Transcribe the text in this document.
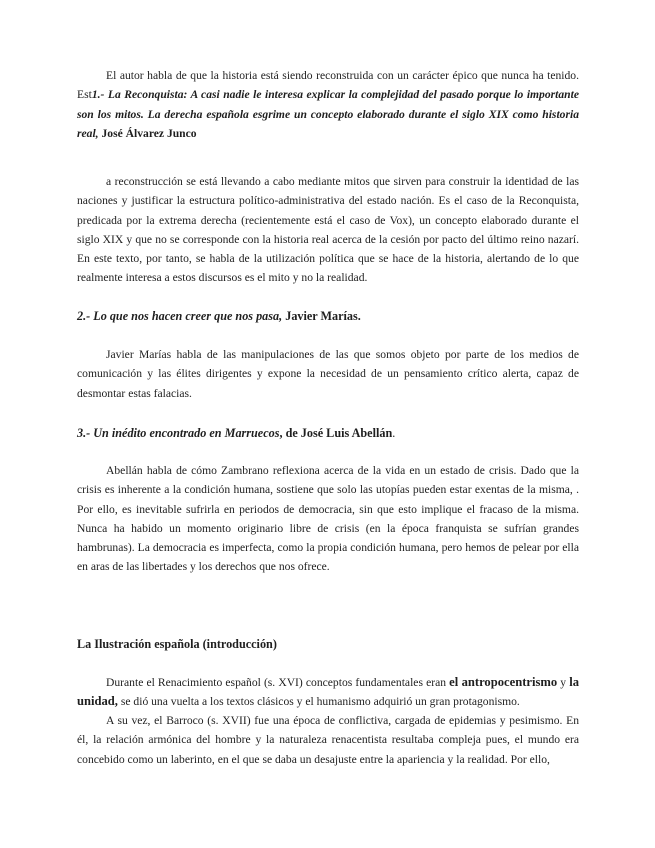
El autor habla de que la historia está siendo reconstruida con un carácter épico que nunca ha tenido. Est1.- La Reconquista: A casi nadie le interesa explicar la complejidad del pasado porque lo importante son los mitos. La derecha española esgrime un concepto elaborado durante el siglo XIX como historia real, José Álvarez Junco

a reconstrucción se está llevando a cabo mediante mitos que sirven para construir la identidad de las naciones y justificar la estructura político-administrativa del estado nación. Es el caso de la Reconquista, predicada por la extrema derecha (recientemente está el caso de Vox), un concepto elaborado durante el siglo XIX y que no se corresponde con la historia real acerca de la cesión por pacto del último reino nazarí. En este texto, por tanto, se habla de la utilización política que se hace de la historia, alertando de lo que realmente interesa a estos discursos es el mito y no la realidad.

2.- Lo que nos hacen creer que nos pasa, Javier Marías.

Javier Marías habla de las manipulaciones de las que somos objeto por parte de los medios de comunicación y las élites dirigentes y expone la necesidad de un pensamiento crítico alerta, capaz de desmontar estas falacias.

3.- Un inédito encontrado en Marruecos, de José Luis Abellán.

Abellán habla de cómo Zambrano reflexiona acerca de la vida en un estado de crisis. Dado que la crisis es inherente a la condición humana, sostiene que solo las utopías pueden estar exentas de la misma, . Por ello, es inevitable sufrirla en periodos de democracia, sin que esto implique el fracaso de la misma. Nunca ha habido un momento originario libre de crisis (en la época franquista se sufrían grandes hambrunas). La democracia es imperfecta, como la propia condición humana, pero hemos de pelear por ella en aras de las libertades y los derechos que nos ofrece.

La Ilustración española (introducción)

Durante el Renacimiento español (s. XVI) conceptos fundamentales eran el antropocentrismo y la unidad, se dió una vuelta a los textos clásicos y el humanismo adquirió un gran protagonismo.

A su vez, el Barroco (s. XVII) fue una época de conflictiva, cargada de epidemias y pesimismo. En él, la relación armónica del hombre y la naturaleza renacentista resultaba compleja pues, el mundo era concebido como un laberinto, en el que se daba un desajuste entre la apariencia y la realidad. Por ello,
